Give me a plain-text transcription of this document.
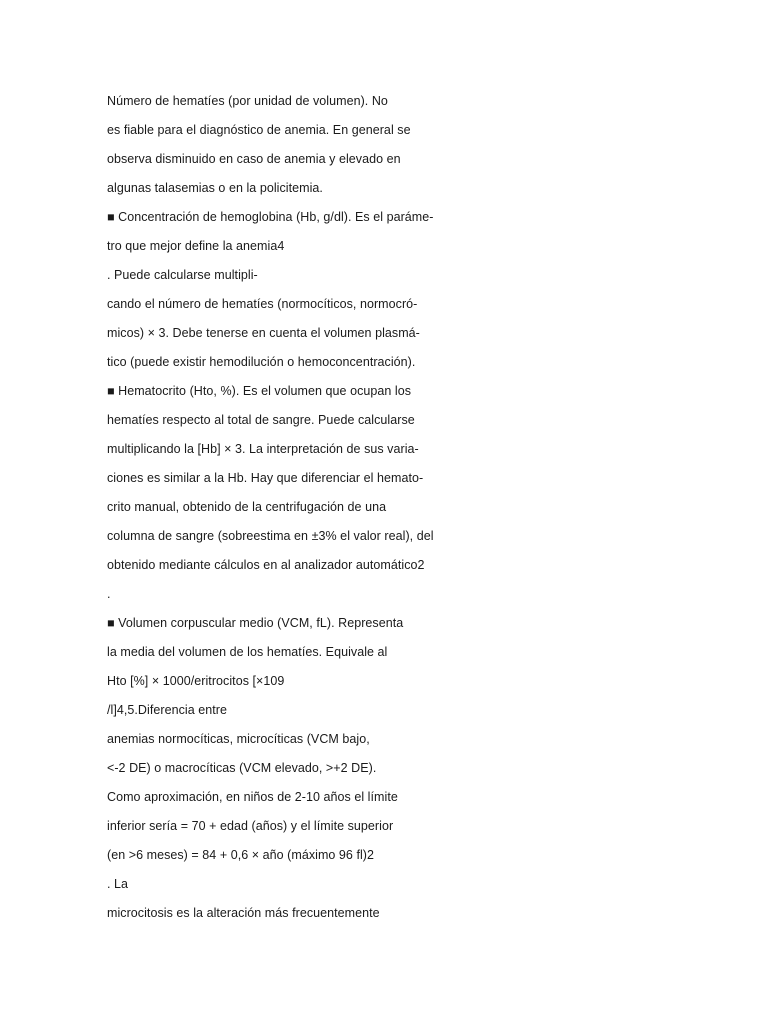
Número de hematíes (por unidad de volumen). No
es fiable para el diagnóstico de anemia. En general se
observa disminuido en caso de anemia y elevado en
algunas talasemias o en la policitemia.
■ Concentración de hemoglobina (Hb, g/dl). Es el paráme-
tro que mejor define la anemia4
. Puede calcularse multipli-
cando el número de hematíes (normocíticos, normocró-
micos) × 3. Debe tenerse en cuenta el volumen plasmá-
tico (puede existir hemodilución o hemoconcentración).
■ Hematocrito (Hto, %). Es el volumen que ocupan los
hematíes respecto al total de sangre. Puede calcularse
multiplicando la [Hb] × 3. La interpretación de sus varia-
ciones es similar a la Hb. Hay que diferenciar el hemato-
crito manual, obtenido de la centrifugación de una
columna de sangre (sobreestima en ±3% el valor real), del
obtenido mediante cálculos en al analizador automático2
.
■ Volumen corpuscular medio (VCM, fL). Representa
la media del volumen de los hematíes. Equivale al
Hto [%] × 1000/eritrocitos [×109
/l]4,5.Diferencia entre
anemias normocíticas, microcíticas (VCM bajo,
<-2 DE) o macrocíticas (VCM elevado, >+2 DE).
Como aproximación, en niños de 2-10 años el límite
inferior sería = 70 + edad (años) y el límite superior
(en >6 meses) = 84 + 0,6 × año (máximo 96 fl)2
. La
microcitosis es la alteración más frecuentemente
